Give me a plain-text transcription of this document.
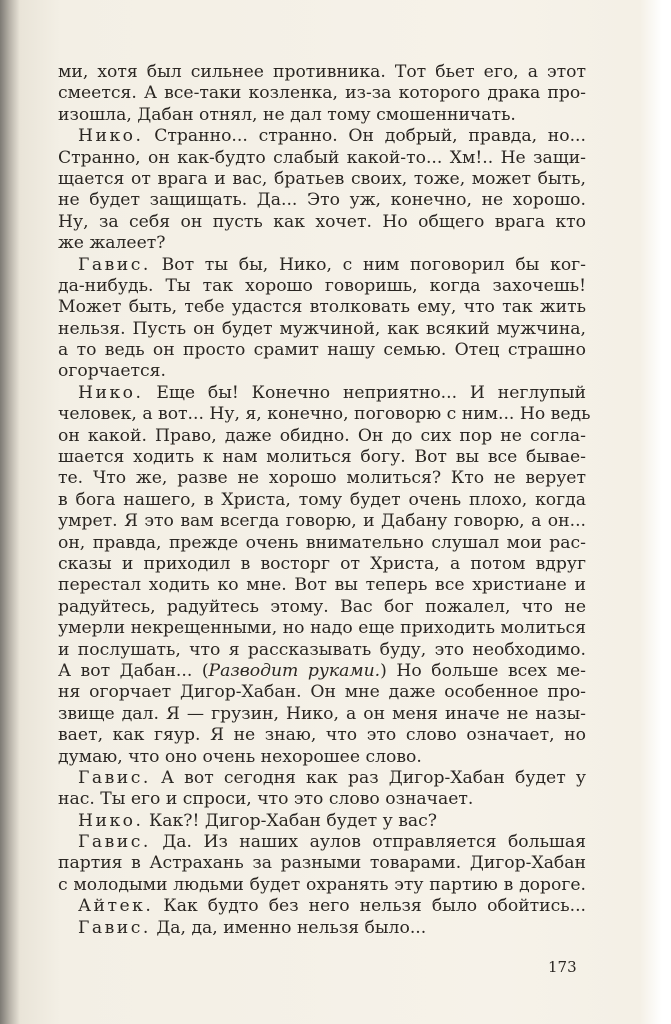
ми, хотя был сильнее противника. Тот бьет его, а этот
смеется. А все-таки козленка, из-за которого драка про-
изошла, Дабан отнял, не дал тому смошенничать.
Нико. Странно... странно. Он добрый, правда, но...
Странно, он как-будто слабый какой-то... Хм!.. Не защи-
щается от врага и вас, братьев своих, тоже, может быть,
не будет защищать. Да... Это уж, конечно, не хорошо.
Ну, за себя он пусть как хочет. Но общего врага кто
же жалеет?
Гавис. Вот ты бы, Нико, с ним поговорил бы ког-
да-нибудь. Ты так хорошо говоришь, когда захочешь!
Может быть, тебе удастся втолковать ему, что так жить
нельзя. Пусть он будет мужчиной, как всякий мужчина,
а то ведь он просто срамит нашу семью. Отец страшно
огорчается.
Нико. Еще бы! Конечно неприятно... И неглупый
человек, а вот... Ну, я, конечно, поговорю с ним... Но ведь
он какой. Право, даже обидно. Он до сих пор не согла-
шается ходить к нам молиться богу. Вот вы все бывае-
те. Что же, разве не хорошо молиться? Кто не верует
в бога нашего, в Христа, тому будет очень плохо, когда
умрет. Я это вам всегда говорю, и Дабану говорю, а он...
он, правда, прежде очень внимательно слушал мои рас-
сказы и приходил в восторг от Христа, а потом вдруг
перестал ходить ко мне. Вот вы теперь все христиане и
радуйтесь, радуйтесь этому. Вас бог пожалел, что не
умерли некрещенными, но надо еще приходить молиться
и послушать, что я рассказывать буду, это необходимо.
А вот Дабан... (Разводит руками.) Но больше всех ме-
ня огорчает Дигор-Хабан. Он мне даже особенное про-
звище дал. Я — грузин, Нико, а он меня иначе не назы-
вает, как гяур. Я не знаю, что это слово означает, но
думаю, что оно очень нехорошее слово.
Гавис. А вот сегодня как раз Дигор-Хабан будет у
нас. Ты его и спроси, что это слово означает.
Нико. Как?! Дигор-Хабан будет у вас?
Гавис. Да. Из наших аулов отправляется большая
партия в Астрахань за разными товарами. Дигор-Хабан
с молодыми людьми будет охранять эту партию в дороге.
Айтек. Как будто без него нельзя было обойтись...
Гавис. Да, да, именно нельзя было...
173
